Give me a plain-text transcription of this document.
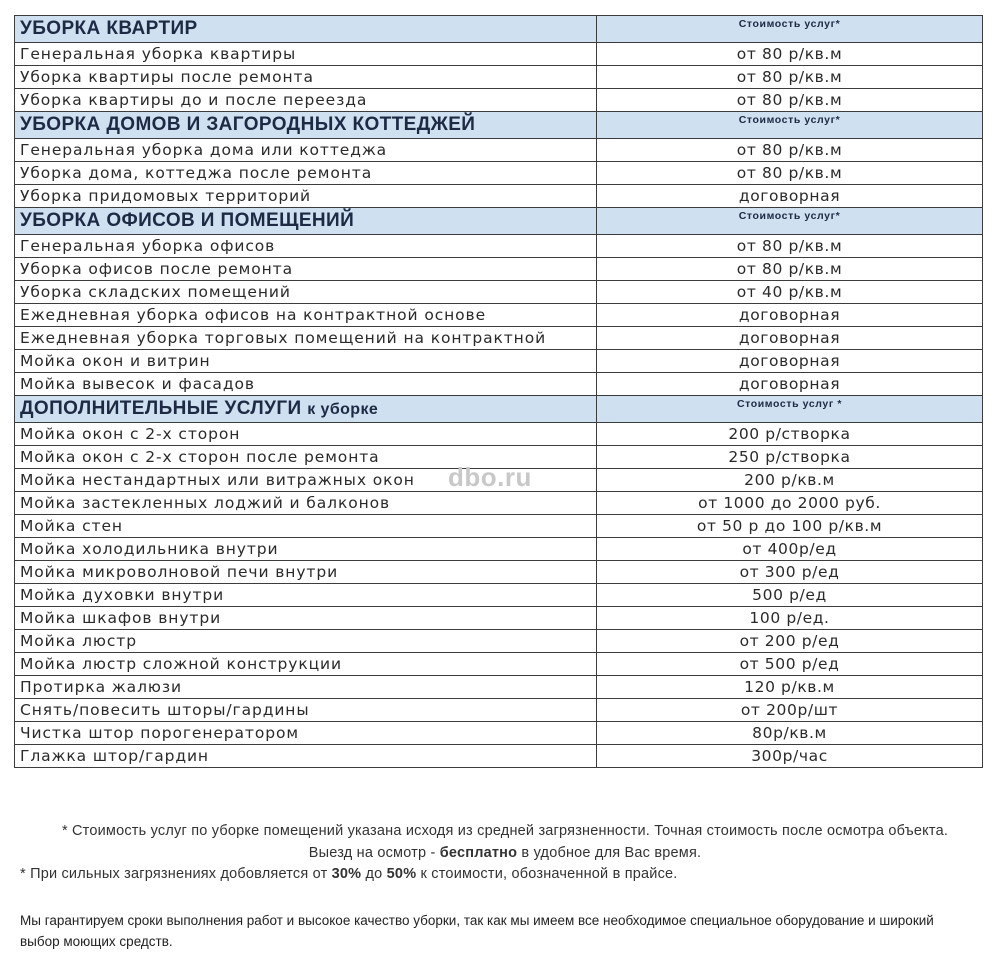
УБОРКА КВАРТИР	Стоимость услуг*
Генеральная уборка квартиры	от 80 р/кв.м
Уборка квартиры после ремонта	от 80 р/кв.м
Уборка квартиры до и после переезда	от 80 р/кв.м
УБОРКА ДОМОВ И ЗАГОРОДНЫХ КОТТЕДЖЕЙ	Стоимость услуг*
Генеральная уборка дома или коттеджа	от 80 р/кв.м
Уборка дома, коттеджа после ремонта	от 80 р/кв.м
Уборка придомовых территорий	договорная
УБОРКА ОФИСОВ И ПОМЕЩЕНИЙ	Стоимость услуг*
Генеральная уборка офисов	от 80 р/кв.м
Уборка офисов после ремонта	от 80 р/кв.м
Уборка складских помещений	от 40 р/кв.м
Ежедневная уборка офисов на контрактной основе	договорная
Ежедневная уборка торговых помещений на контрактной	договорная
Мойка окон и витрин	договорная
Мойка вывесок и фасадов	договорная
ДОПОЛНИТЕЛЬНЫЕ УСЛУГИ к уборке	Стоимость услуг *
Мойка окон с 2-х сторон	200 р/створка
Мойка окон с 2-х сторон после ремонта	250 р/створка
Мойка нестандартных или витражных окон	200 р/кв.м
Мойка застекленных лоджий и балконов	от 1000 до 2000 руб.
Мойка стен	от 50 р до 100 р/кв.м
Мойка холодильника внутри	от 400р/ед
Мойка микроволновой печи внутри	от 300 р/ед
Мойка духовки внутри	500 р/ед
Мойка шкафов внутри	100 р/ед.
Мойка люстр	от 200 р/ед
Мойка люстр сложной конструкции	от 500 р/ед
Протирка жалюзи	120 р/кв.м
Снять/повесить шторы/гардины	от 200р/шт
Чистка штор порогенератором	80р/кв.м
Глажка штор/гардин	300р/час
dbo.ru
* Стоимость услуг по уборке помещений указана исходя из средней загрязненности. Точная стоимость после осмотра объекта. Выезд на осмотр - бесплатно в удобное для Вас время.
* При сильных загрязнениях добовляется от 30% до 50% к стоимости, обозначенной в прайсе.
Мы гарантируем сроки выполнения работ и высокое качество уборки, так как мы имеем все необходимое специальное оборудование и широкий выбор моющих средств.
